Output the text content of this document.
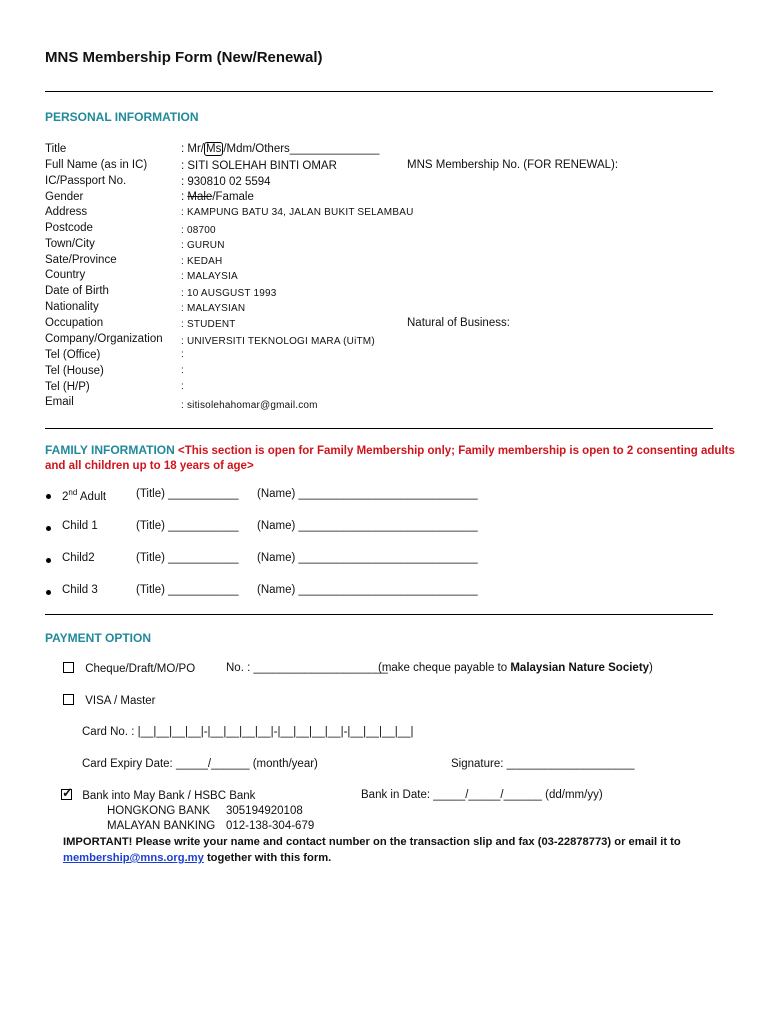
MNS Membership Form (New/Renewal)
PERSONAL INFORMATION
Title	: Mr/ Ms /Mdm/Others______________
Full Name (as in IC)	: SITI SOLEHAH BINTI OMAR
IC/Passport No.	: 930810 02 5594
Gender	: Male/Famale
Address	: KAMPUNG BATU 34, JALAN BUKIT SELAMBAU
Postcode	: 08700
Town/City	: GURUN
Sate/Province	: KEDAH
Country	: MALAYSIA
Date of Birth	: 10 AUSGUST 1993
Nationality	: MALAYSIAN
Occupation	: STUDENT
Company/Organization : UNIVERSITI TEKNOLOGI MARA (UiTM)
Tel (Office)	:
Tel (House)	:
Tel (H/P)	:
Email	: sitisolehahomar@gmail.com
MNS Membership No. (FOR RENEWAL):
Natural of Business:
FAMILY INFORMATION <This section is open for Family Membership only; Family membership is open to 2 consenting adults
and all children up to 18 years of age>
2nd Adult	(Title) ___________ (Name) ____________________________
Child 1	(Title) ___________ (Name) ____________________________
Child2	(Title) ___________ (Name) ____________________________
Child 3	(Title) ___________ (Name) ____________________________
PAYMENT OPTION
Cheque/Draft/MO/PO	No. : _____________________
(make cheque payable to Malaysian Nature Society)
VISA / Master
Card No. : |__|__|__|__|-|__|__|__|__|-|__|__|__|__|-|__|__|__|__|
Card Expiry Date: _____/______ (month/year)	Signature: ____________________
✓ Bank into May Bank / HSBC Bank	Bank in Date: _____/_____/______ (dd/mm/yy)
HONGKONG BANK 305194920108
MALAYAN BANKING 012-138-304-679
IMPORTANT! Please write your name and contact number on the transaction slip and fax (03-22878773) or email it to
membership@mns.org.my together with this form.
